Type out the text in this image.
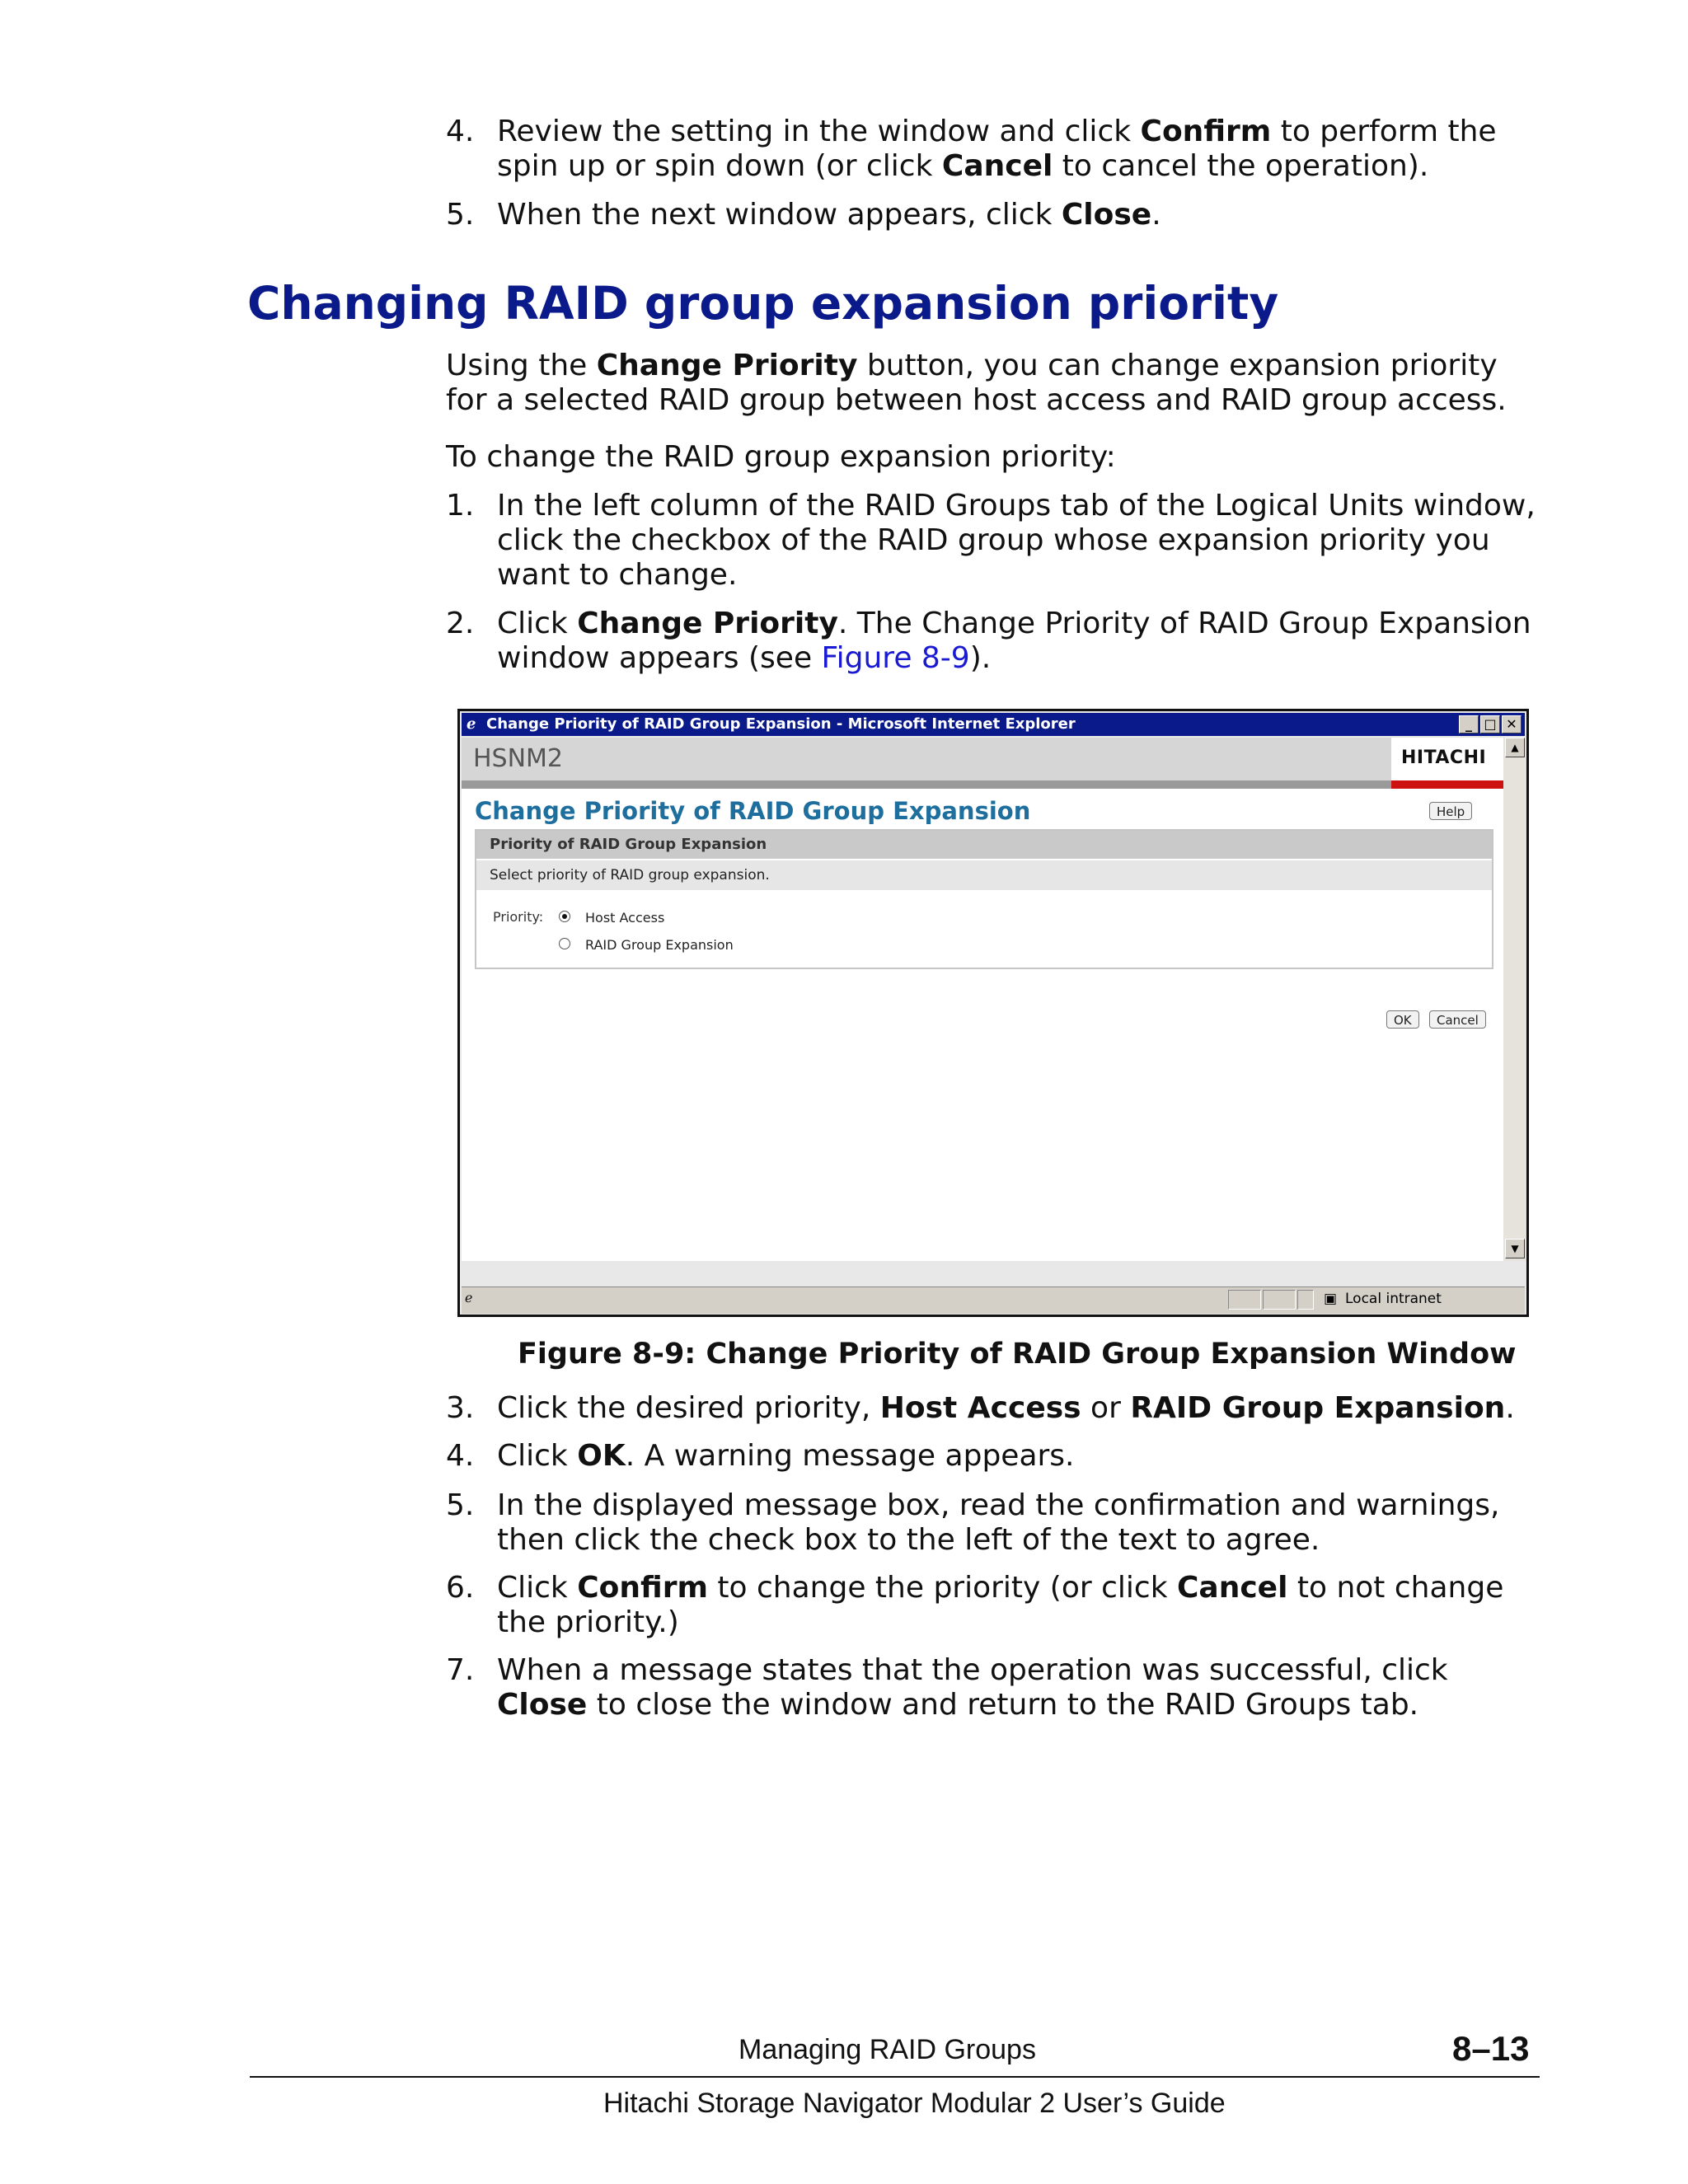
4. Review the setting in the window and click Confirm to perform the spin up or spin down (or click Cancel to cancel the operation).
5. When the next window appears, click Close.
Changing RAID group expansion priority
Using the Change Priority button, you can change expansion priority for a selected RAID group between host access and RAID group access.
To change the RAID group expansion priority:
1. In the left column of the RAID Groups tab of the Logical Units window, click the checkbox of the RAID group whose expansion priority you want to change.
2. Click Change Priority. The Change Priority of RAID Group Expansion window appears (see Figure 8-9).
ℯ Change Priority of RAID Group Expansion - Microsoft Internet Explorer	_ □ ✕
HSNM2	HITACHI
Change Priority of RAID Group Expansion	Help
Priority of RAID Group Expansion
Select priority of RAID group expansion.
Priority:	Host Access
RAID Group Expansion
OK	Cancel
▲
▼
ℯ	▣ Local intranet
Figure 8-9: Change Priority of RAID Group Expansion Window
3. Click the desired priority, Host Access or RAID Group Expansion.
4. Click OK. A warning message appears.
5. In the displayed message box, read the confirmation and warnings, then click the check box to the left of the text to agree.
6. Click Confirm to change the priority (or click Cancel to not change the priority.)
7. When a message states that the operation was successful, click Close to close the window and return to the RAID Groups tab.
Managing RAID Groups	8–13
Hitachi Storage Navigator Modular 2 User’s Guide
